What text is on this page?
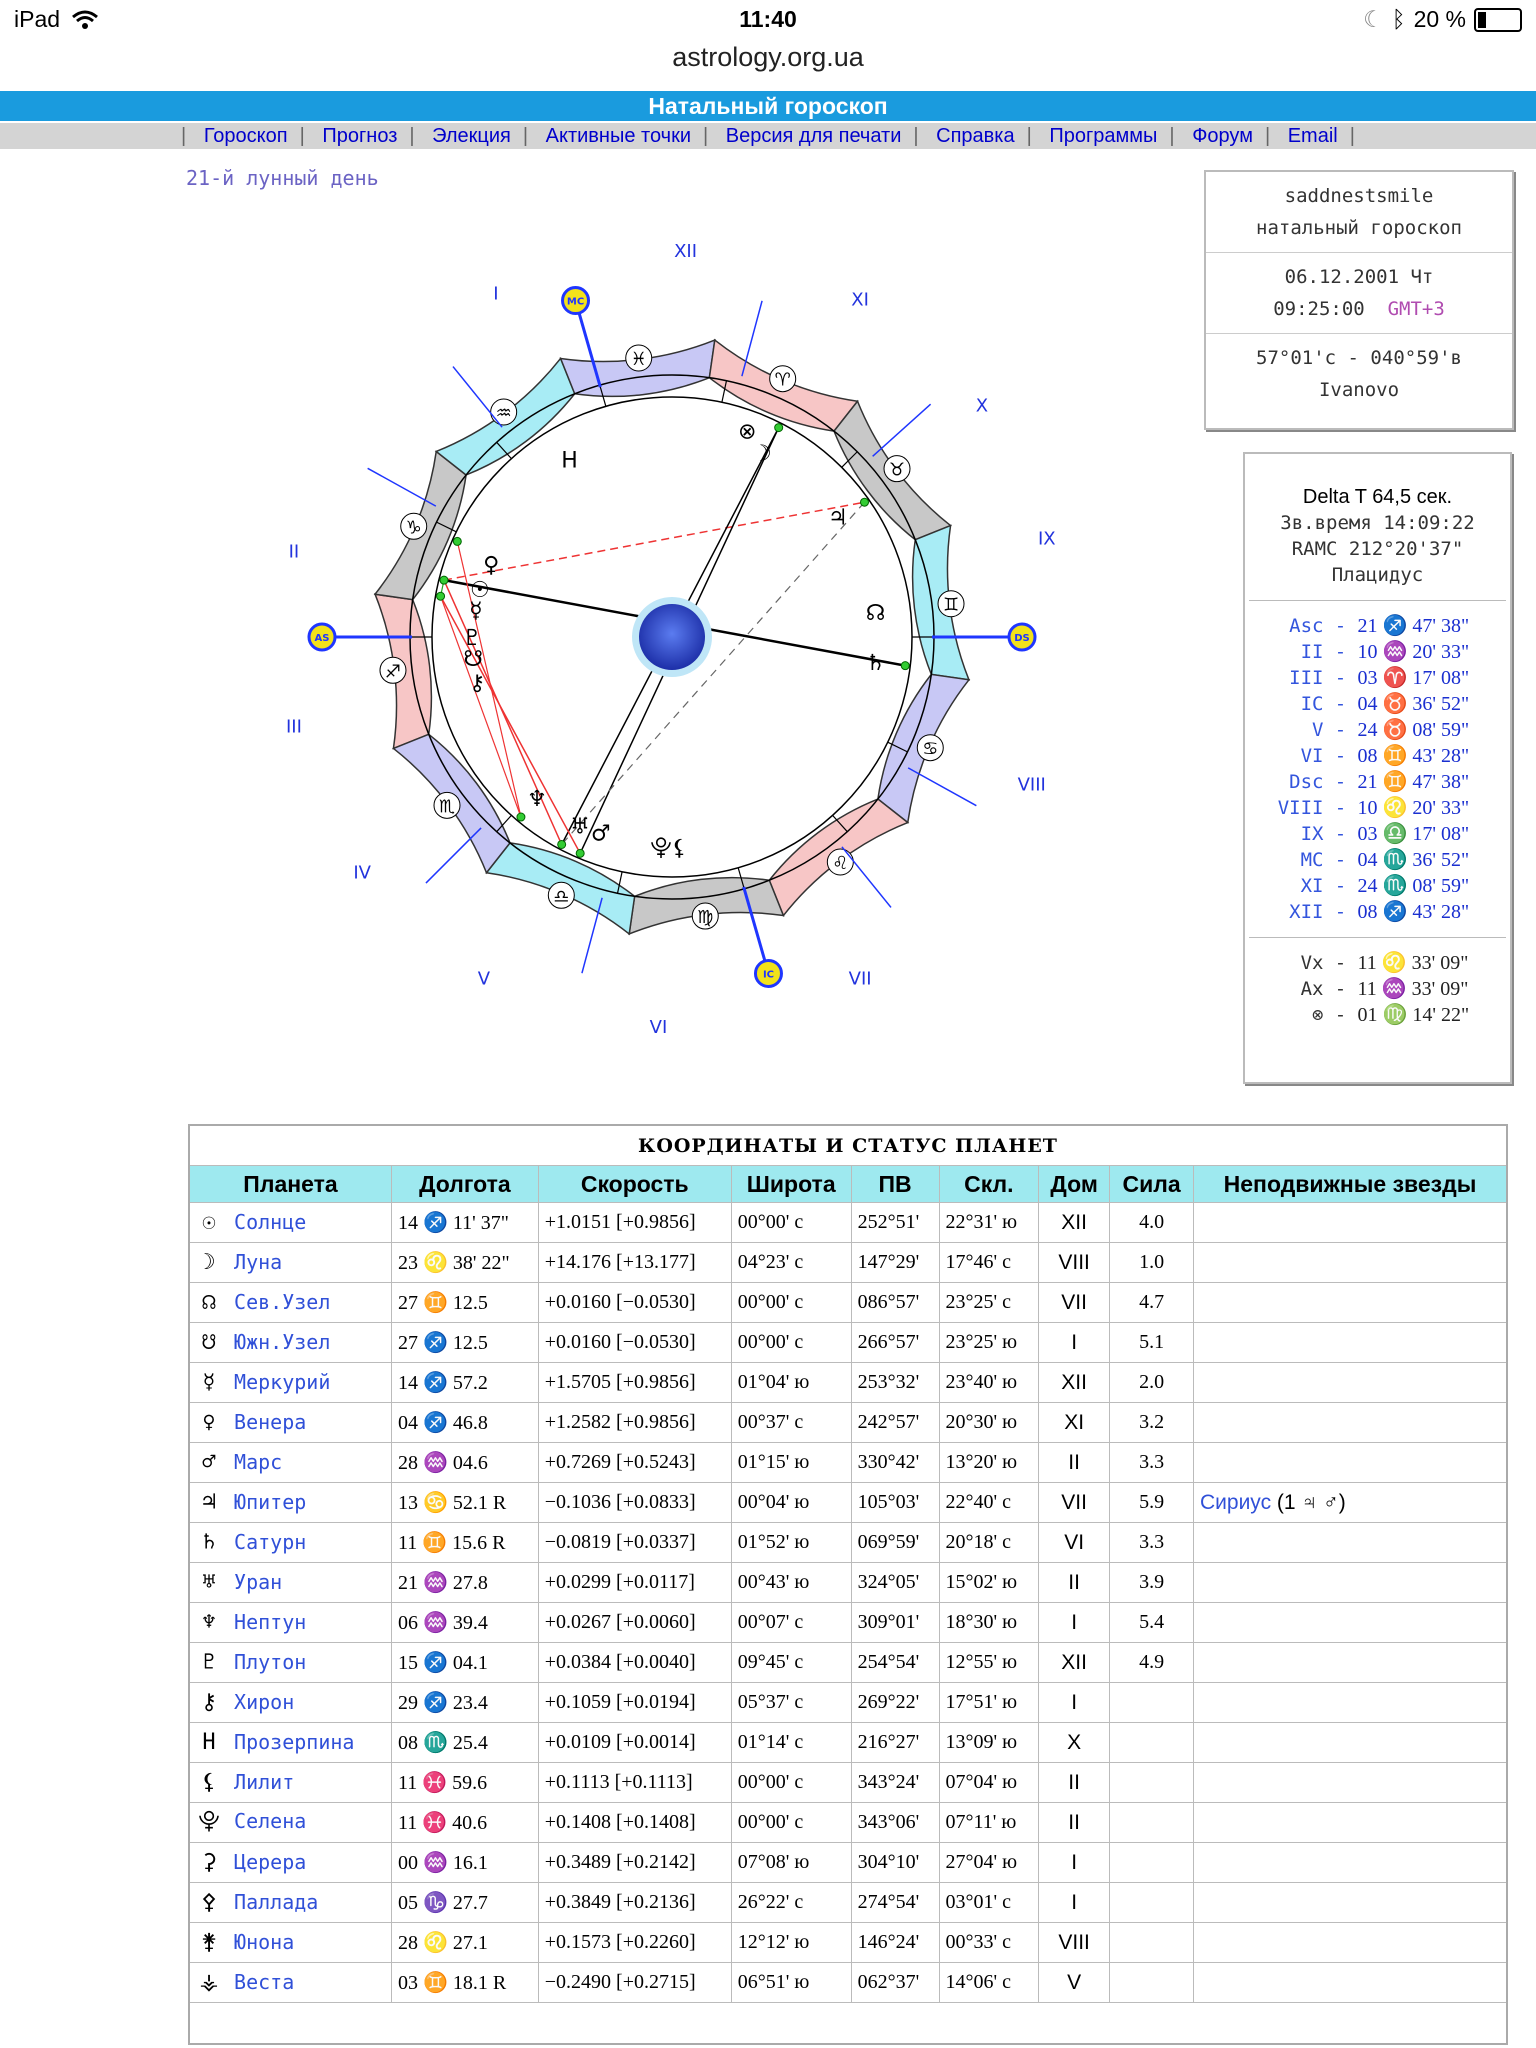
iPad	11:40	☾ ᛒ 20 %
astrology.org.ua
Натальный гороскоп
| Гороскоп | Прогноз | Элекция | Активные точки | Версия для печати | Справка | Программы | Форум | Email |
21-й лунный день
♐
♑
♒
♓
♈
♉
♊
♋
♌
♍
♎
♏
AS	DS
MC
IC
♀
☉
☿
♇
☋
⚷
♆
♅ ♂
⯓ ⚸
♃
☊
♄
☽
H
⊗
II
III
IV
V
VI
VII
VIII
IX
X
XI
XII
I
saddnestsmile
натальный гороскоп
06.12.2001 Чт
09:25:00 GMT+3
57°01'с - 040°59'в
Ivanovo
Delta T 64,5 сек.
Зв.время 14:09:22
RAMC 212°20'37"
Плацидус
Asc - 21 ♐ 47' 38"
II - 10 ♒ 20' 33"
III - 03 ♈ 17' 08"
IC - 04 ♉ 36' 52"
V - 24 ♉ 08' 59"
VI - 08 ♊ 43' 28"
Dsc - 21 ♊ 47' 38"
VIII - 10 ♌ 20' 33"
IX - 03 ♎ 17' 08"
MC - 04 ♏ 36' 52"
XI - 24 ♏ 08' 59"
XII - 08 ♐ 43' 28"
Vx - 11 ♌ 33' 09"
Ax - 11 ♒ 33' 09"
⊗ - 01 ♍ 14' 22"
КООРДИНАТЫ И СТАТУС ПЛАНЕТ								
Планета	Долгота	Скорость	Широта	ПВ	Скл.	Дом	Сила	Неподвижные звезды
☉ Солнце	14 ♐ 11' 37"	+1.0151 [+0.9856]	00°00' с	252°51'	22°31' ю	XII	4.0	
☽ Луна	23 ♌ 38' 22"	+14.176 [+13.177]	04°23' с	147°29'	17°46' с	VIII	1.0	
☊ Сев.Узел	27 ♊ 12.5	+0.0160 [−0.0530]	00°00' с	086°57'	23°25' с	VII	4.7	
☋ Южн.Узел	27 ♐ 12.5	+0.0160 [−0.0530]	00°00' с	266°57'	23°25' ю	I	5.1	
☿ Меркурий	14 ♐ 57.2	+1.5705 [+0.9856]	01°04' ю	253°32'	23°40' ю	XII	2.0	
♀ Венера	04 ♐ 46.8	+1.2582 [+0.9856]	00°37' с	242°57'	20°30' ю	XI	3.2	
♂ Марс	28 ♒ 04.6	+0.7269 [+0.5243]	01°15' ю	330°42'	13°20' ю	II	3.3	
♃ Юпитер	13 ♋ 52.1 R	−0.1036 [+0.0833]	00°04' ю	105°03'	22°40' с	VII	5.9	Сириус (1 ♃ ♂)
♄ Сатурн	11 ♊ 15.6 R	−0.0819 [+0.0337]	01°52' ю	069°59'	20°18' с	VI	3.3	
♅ Уран	21 ♒ 27.8	+0.0299 [+0.0117]	00°43' ю	324°05'	15°02' ю	II	3.9	
♆ Нептун	06 ♒ 39.4	+0.0267 [+0.0060]	00°07' с	309°01'	18°30' ю	I	5.4	
♇ Плутон	15 ♐ 04.1	+0.0384 [+0.0040]	09°45' с	254°54'	12°55' ю	XII	4.9	
⚷ Хирон	29 ♐ 23.4	+0.1059 [+0.0194]	05°37' с	269°22'	17°51' ю	I		
H Прозерпина	08 ♏ 25.4	+0.0109 [+0.0014]	01°14' с	216°27'	13°09' ю	X		
⚸ Лилит	11 ♓ 59.6	+0.1113 [+0.1113]	00°00' с	343°24'	07°04' ю	II		
⯓ Селена	11 ♓ 40.6	+0.1408 [+0.1408]	00°00' с	343°06'	07°11' ю	II		
⚳ Церера	00 ♒ 16.1	+0.3489 [+0.2142]	07°08' ю	304°10'	27°04' ю	I		
⚴ Паллада	05 ♑ 27.7	+0.3849 [+0.2136]	26°22' с	274°54'	03°01' с	I		
⚵ Юнона	28 ♌ 27.1	+0.1573 [+0.2260]	12°12' ю	146°24'	00°33' с	VIII		
⚶ Веста	03 ♊ 18.1 R	−0.2490 [+0.2715]	06°51' ю	062°37'	14°06' с	V		
